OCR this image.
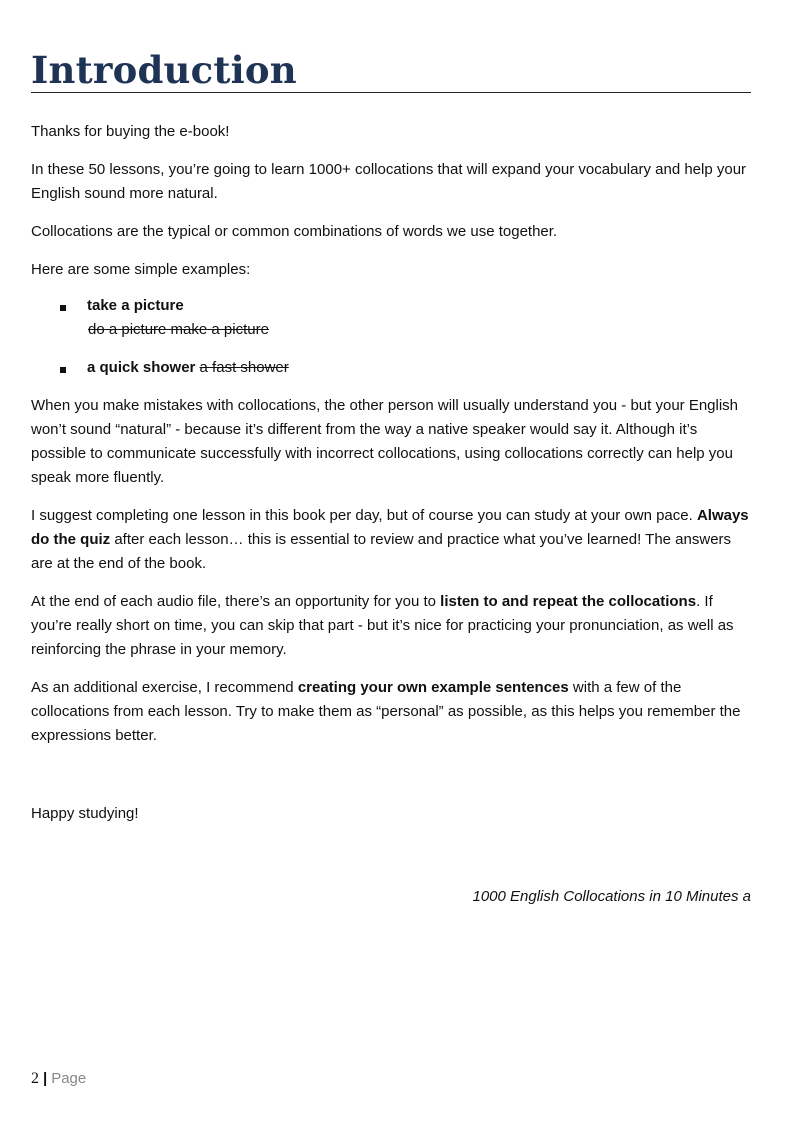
Introduction

Thanks for buying the e-book!

In these 50 lessons, you’re going to learn 1000+ collocations that will expand your vocabulary and help your English sound more natural.

Collocations are the typical or common combinations of words we use together.

Here are some simple examples:

take a picture
do a picture make a picture
a quick shower a fast shower

When you make mistakes with collocations, the other person will usually understand you - but your English won’t sound “natural” - because it’s different from the way a native speaker would say it. Although it’s possible to communicate successfully with incorrect collocations, using collocations correctly can help you speak more fluently.

I suggest completing one lesson in this book per day, but of course you can study at your own pace. Always do the quiz after each lesson… this is essential to review and practice what you’ve learned! The answers are at the end of the book.

At the end of each audio file, there’s an opportunity for you to listen to and repeat the collocations. If you’re really short on time, you can skip that part - but it’s nice for practicing your pronunciation, as well as reinforcing the phrase in your memory.

As an additional exercise, I recommend creating your own example sentences with a few of the collocations from each lesson. Try to make them as “personal” as possible, as this helps you remember the expressions better.

Happy studying!

1000 English Collocations in 10 Minutes a
2 | Page
